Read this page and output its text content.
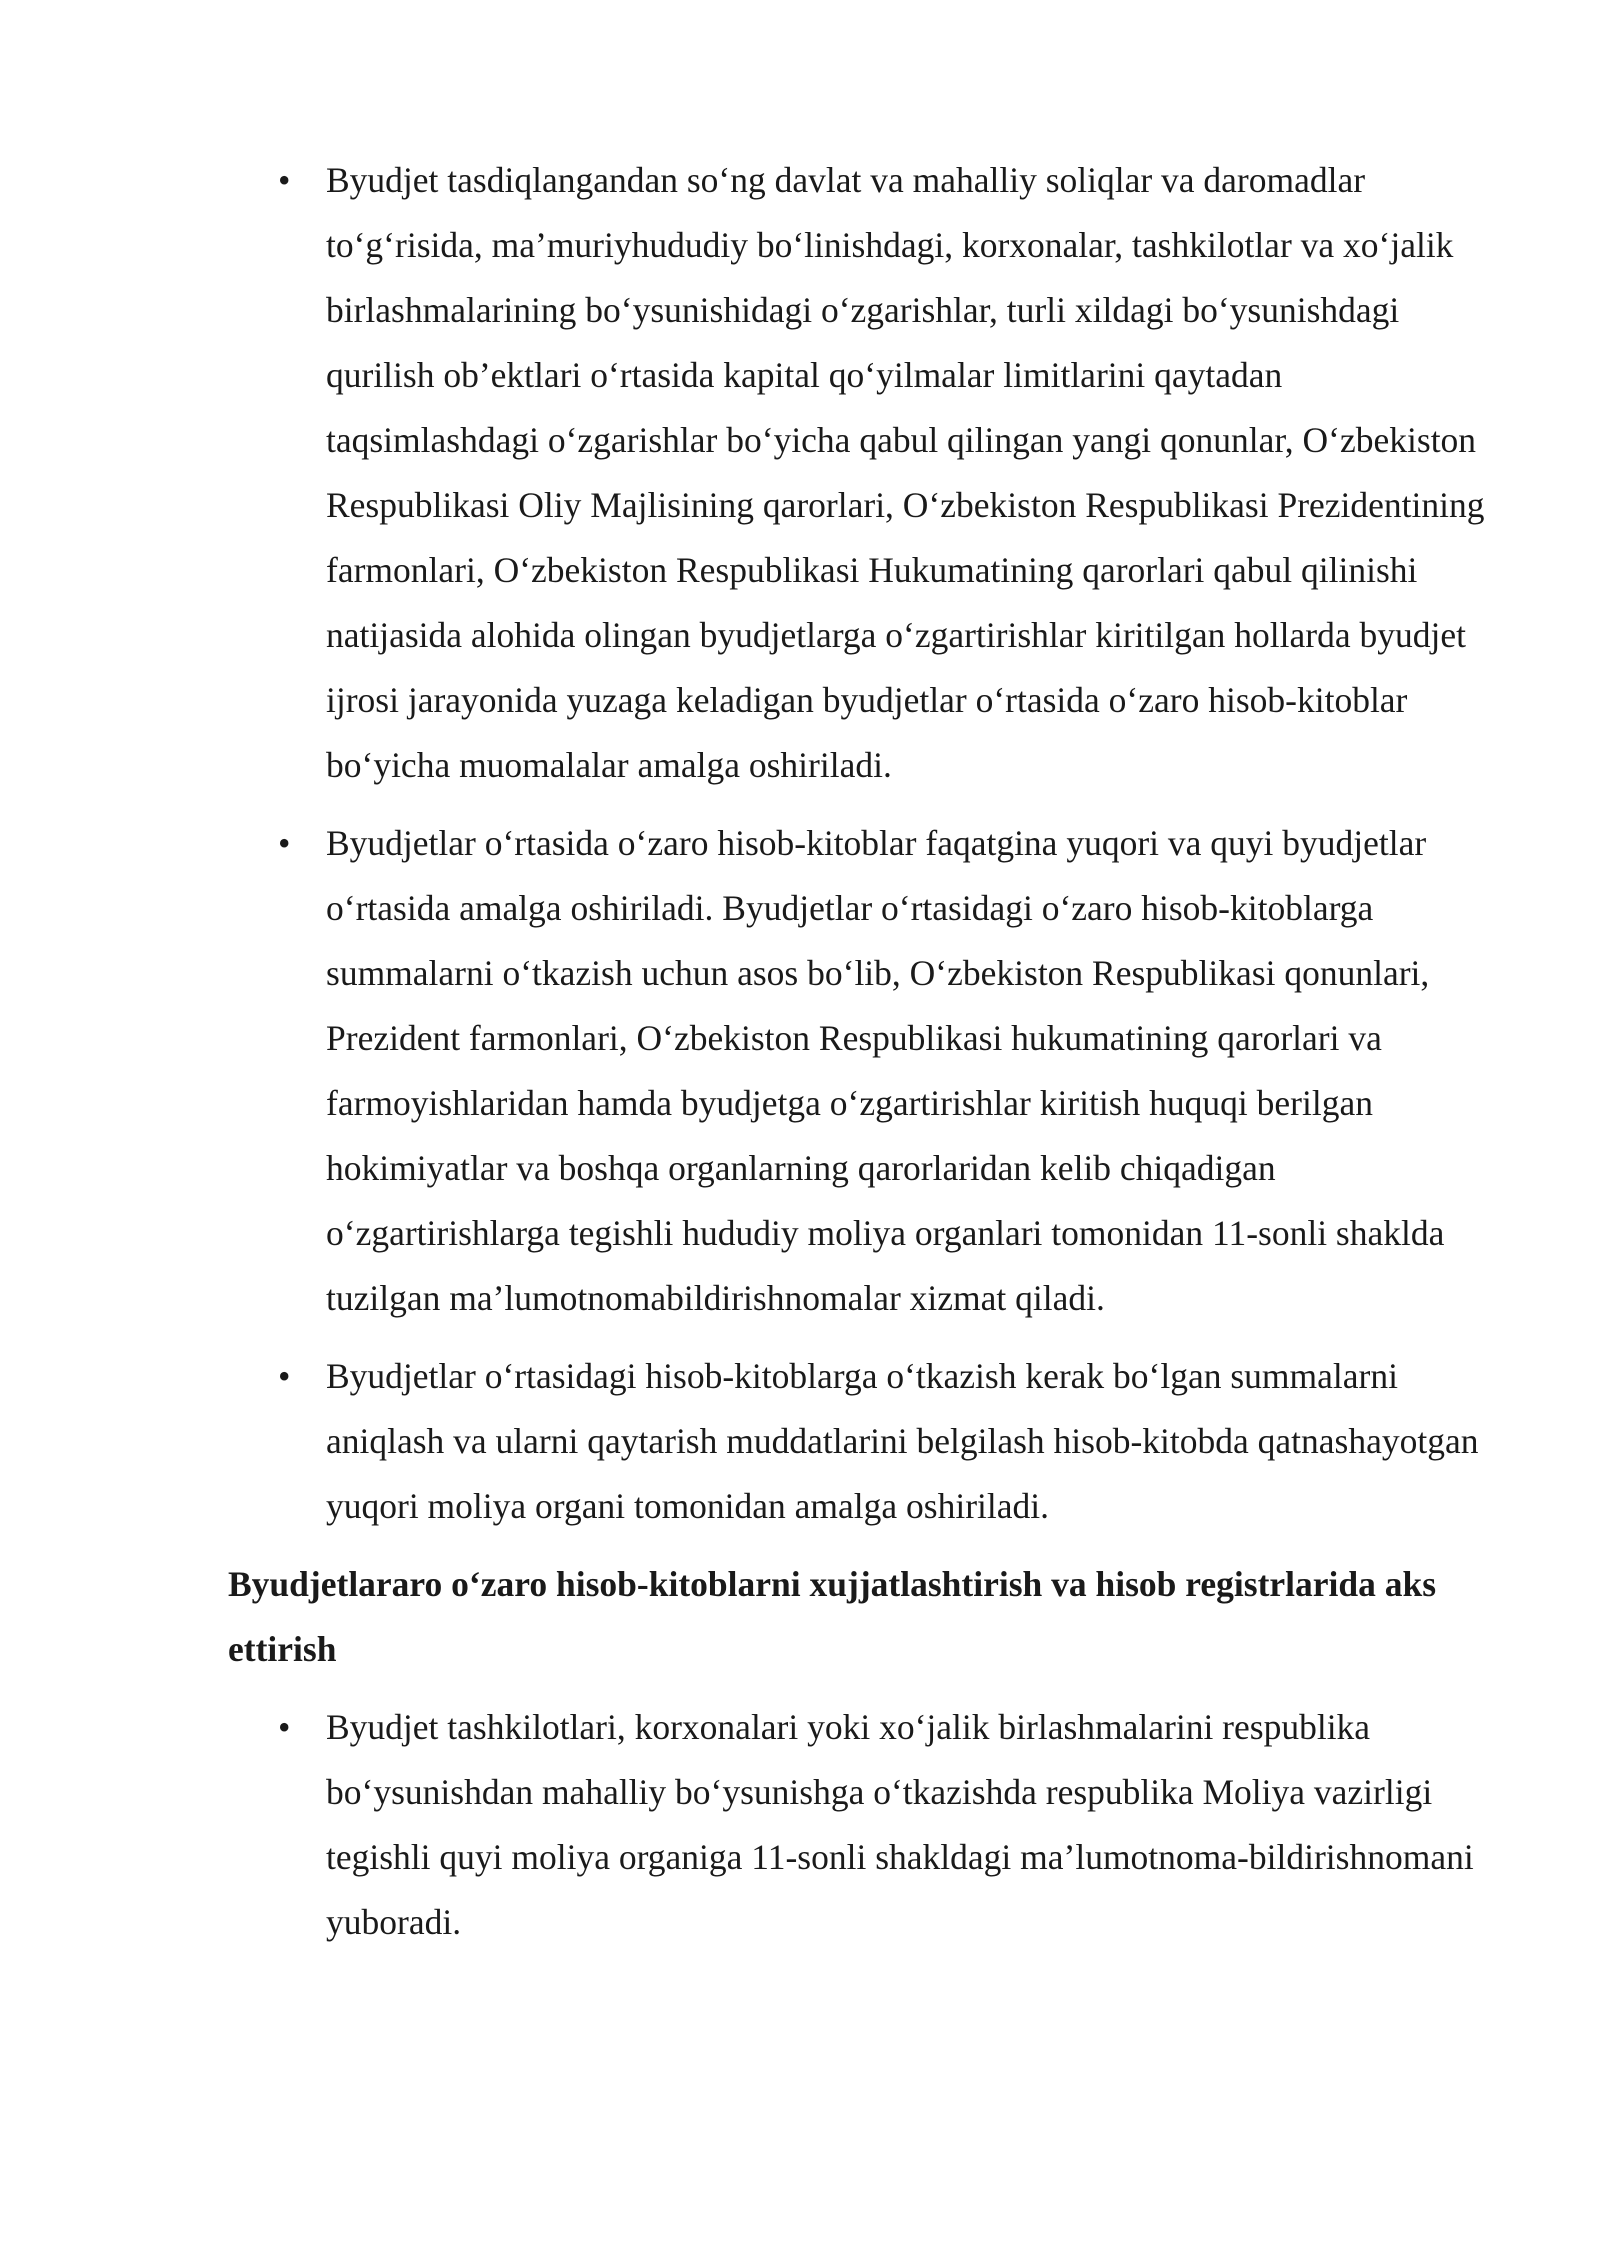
• Byudjet tasdiqlangandan so‘ng davlat va mahalliy soliqlar va daromadlar to‘g‘risida, ma’muriyhududiy bo‘linishdagi, korxonalar, tashkilotlar va xo‘jalik birlashmalarining bo‘ysunishidagi o‘zgarishlar, turli xildagi bo‘ysunishdagi qurilish ob’ektlari o‘rtasida kapital qo‘yilmalar limitlarini qaytadan taqsimlashdagi o‘zgarishlar bo‘yicha qabul qilingan yangi qonunlar, O‘zbekiston Respublikasi Oliy Majlisining qarorlari, O‘zbekiston Respublikasi Prezidentining farmonlari, O‘zbekiston Respublikasi Hukumatining qarorlari qabul qilinishi natijasida alohida olingan byudjetlarga o‘zgartirishlar kiritilgan hollarda byudjet ijrosi jarayonida yuzaga keladigan byudjetlar o‘rtasida o‘zaro hisob-kitoblar bo‘yicha muomalalar amalga oshiriladi.
• Byudjetlar o‘rtasida o‘zaro hisob-kitoblar faqatgina yuqori va quyi byudjetlar o‘rtasida amalga oshiriladi. Byudjetlar o‘rtasidagi o‘zaro hisob-kitoblarga summalarni o‘tkazish uchun asos bo‘lib, O‘zbekiston Respublikasi qonunlari, Prezident farmonlari, O‘zbekiston Respublikasi hukumatining qarorlari va farmoyishlaridan hamda byudjetga o‘zgartirishlar kiritish huquqi berilgan hokimiyatlar va boshqa organlarning qarorlaridan kelib chiqadigan o‘zgartirishlarga tegishli hududiy moliya organlari tomonidan 11-sonli shaklda tuzilgan ma’lumotnomabildirishnomalar xizmat qiladi.
• Byudjetlar o‘rtasidagi hisob-kitoblarga o‘tkazish kerak bo‘lgan summalarni aniqlash va ularni qaytarish muddatlarini belgilash hisob-kitobda qatnashayotgan yuqori moliya organi tomonidan amalga oshiriladi.
Byudjetlararo o‘zaro hisob-kitoblarni xujjatlashtirish va hisob registrlarida aks ettirish
• Byudjet tashkilotlari, korxonalari yoki xo‘jalik birlashmalarini respublika bo‘ysunishdan mahalliy bo‘ysunishga o‘tkazishda respublika Moliya vazirligi tegishli quyi moliya organiga 11-sonli shakldagi ma’lumotnoma-bildirishnomani yuboradi.
